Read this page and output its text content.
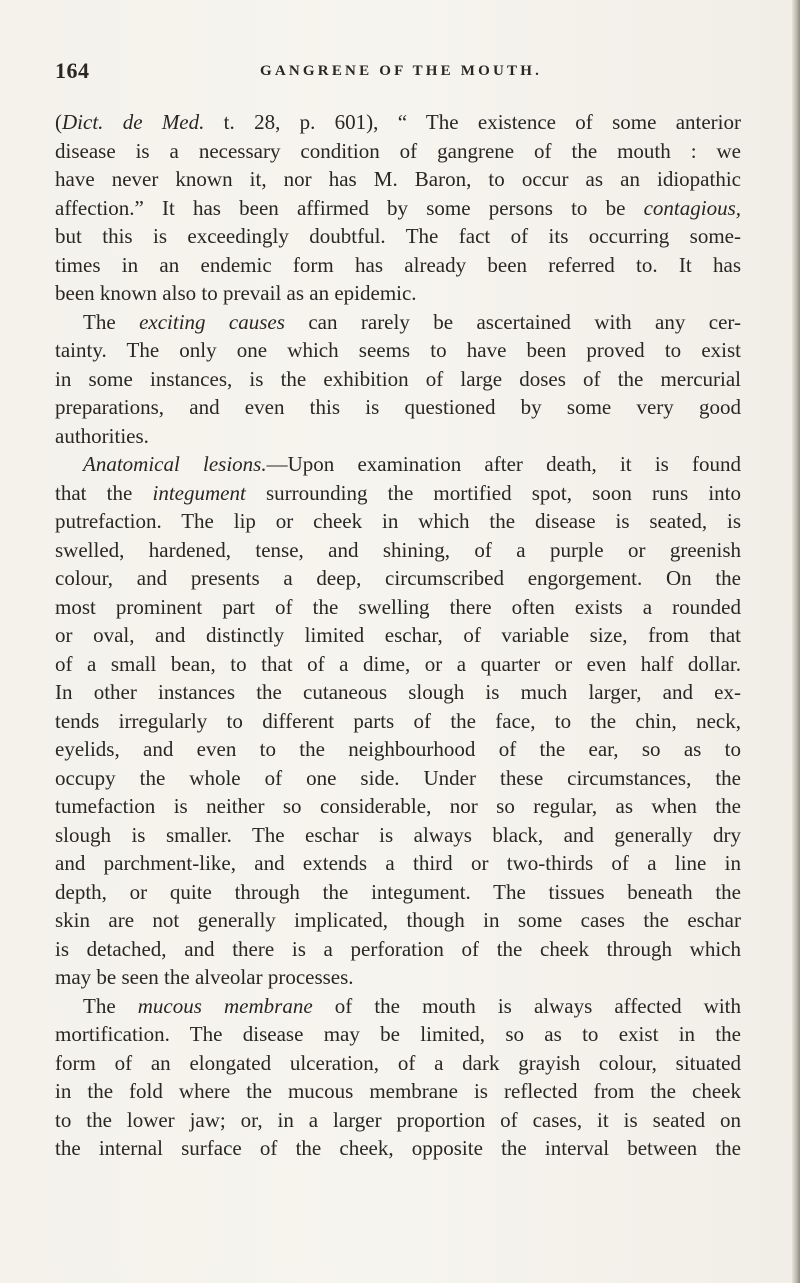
164	GANGRENE OF THE MOUTH.
(Dict. de Med. t. 28, p. 601), “ The existence of some anterior
disease is a necessary condition of gangrene of the mouth : we
have never known it, nor has M. Baron, to occur as an idiopathic
affection.” It has been affirmed by some persons to be contagious,
but this is exceedingly doubtful. The fact of its occurring some-
times in an endemic form has already been referred to. It has
been known also to prevail as an epidemic.
The exciting causes can rarely be ascertained with any cer-
tainty. The only one which seems to have been proved to exist
in some instances, is the exhibition of large doses of the mercurial
preparations, and even this is questioned by some very good
authorities.
Anatomical lesions.—Upon examination after death, it is found
that the integument surrounding the mortified spot, soon runs into
putrefaction. The lip or cheek in which the disease is seated, is
swelled, hardened, tense, and shining, of a purple or greenish
colour, and presents a deep, circumscribed engorgement. On the
most prominent part of the swelling there often exists a rounded
or oval, and distinctly limited eschar, of variable size, from that
of a small bean, to that of a dime, or a quarter or even half dollar.
In other instances the cutaneous slough is much larger, and ex-
tends irregularly to different parts of the face, to the chin, neck,
eyelids, and even to the neighbourhood of the ear, so as to
occupy the whole of one side. Under these circumstances, the
tumefaction is neither so considerable, nor so regular, as when the
slough is smaller. The eschar is always black, and generally dry
and parchment-like, and extends a third or two-thirds of a line in
depth, or quite through the integument. The tissues beneath the
skin are not generally implicated, though in some cases the eschar
is detached, and there is a perforation of the cheek through which
may be seen the alveolar processes.
The mucous membrane of the mouth is always affected with
mortification. The disease may be limited, so as to exist in the
form of an elongated ulceration, of a dark grayish colour, situated
in the fold where the mucous membrane is reflected from the cheek
to the lower jaw; or, in a larger proportion of cases, it is seated on
the internal surface of the cheek, opposite the interval between the
